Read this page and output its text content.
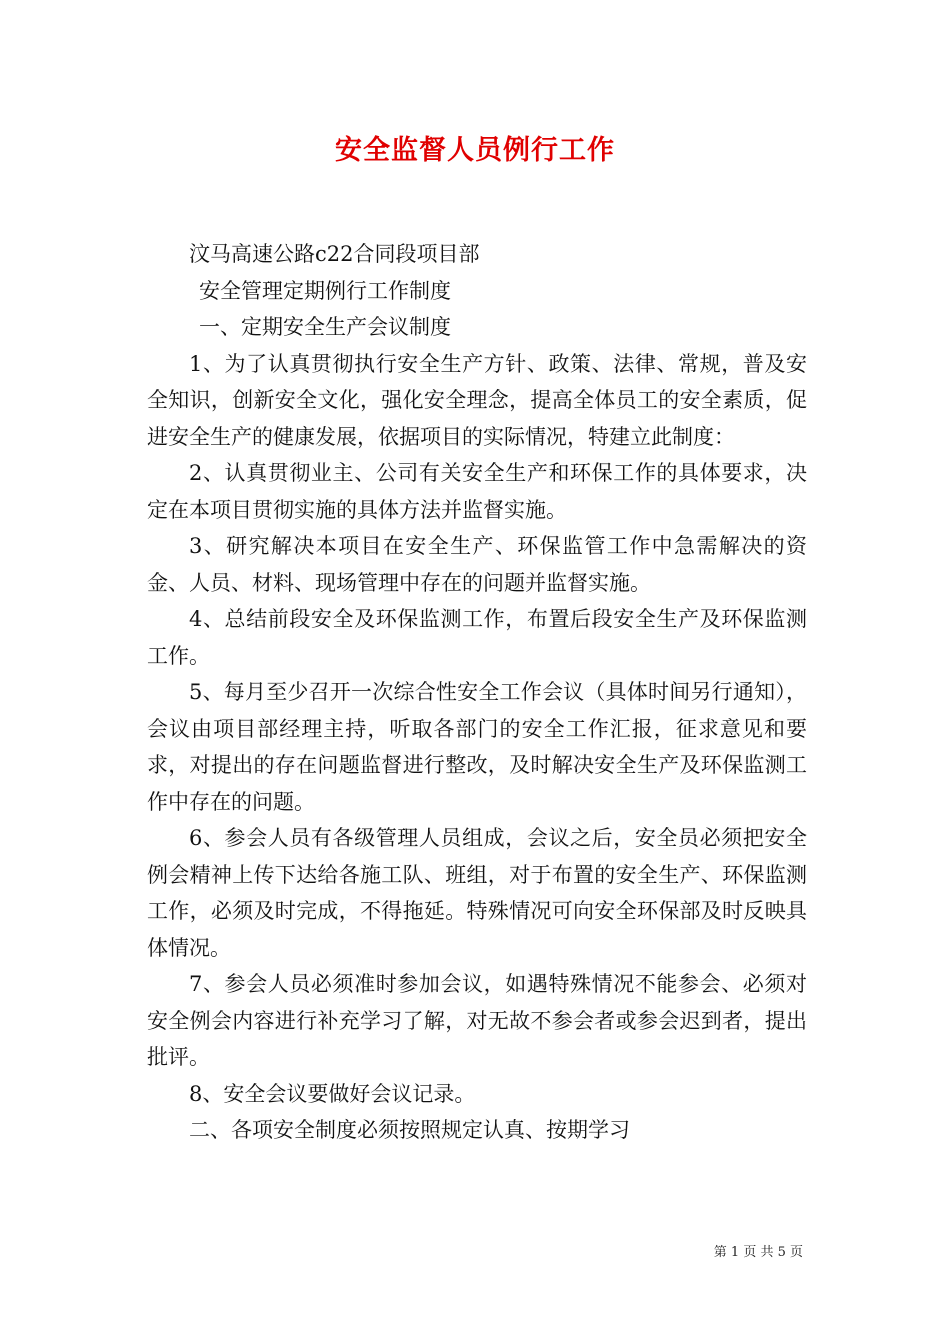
安全监督人员例行工作
汶马高速公路c22合同段项目部
安全管理定期例行工作制度
一、定期安全生产会议制度
1、为了认真贯彻执行安全生产方针、政策、法律、常规，普及安全知识，创新安全文化，强化安全理念，提高全体员工的安全素质，促进安全生产的健康发展，依据项目的实际情况，特建立此制度：
2、认真贯彻业主、公司有关安全生产和环保工作的具体要求，决定在本项目贯彻实施的具体方法并监督实施。
3、研究解决本项目在安全生产、环保监管工作中急需解决的资金、人员、材料、现场管理中存在的问题并监督实施。
4、总结前段安全及环保监测工作，布置后段安全生产及环保监测工作。
5、每月至少召开一次综合性安全工作会议（具体时间另行通知），会议由项目部经理主持，听取各部门的安全工作汇报，征求意见和要求，对提出的存在问题监督进行整改，及时解决安全生产及环保监测工作中存在的问题。
6、参会人员有各级管理人员组成，会议之后，安全员必须把安全例会精神上传下达给各施工队、班组，对于布置的安全生产、环保监测工作，必须及时完成，不得拖延。特殊情况可向安全环保部及时反映具体情况。
7、参会人员必须准时参加会议，如遇特殊情况不能参会、必须对安全例会内容进行补充学习了解，对无故不参会者或参会迟到者，提出批评。
8、安全会议要做好会议记录。
二、各项安全制度必须按照规定认真、按期学习
第 1 页 共 5 页
